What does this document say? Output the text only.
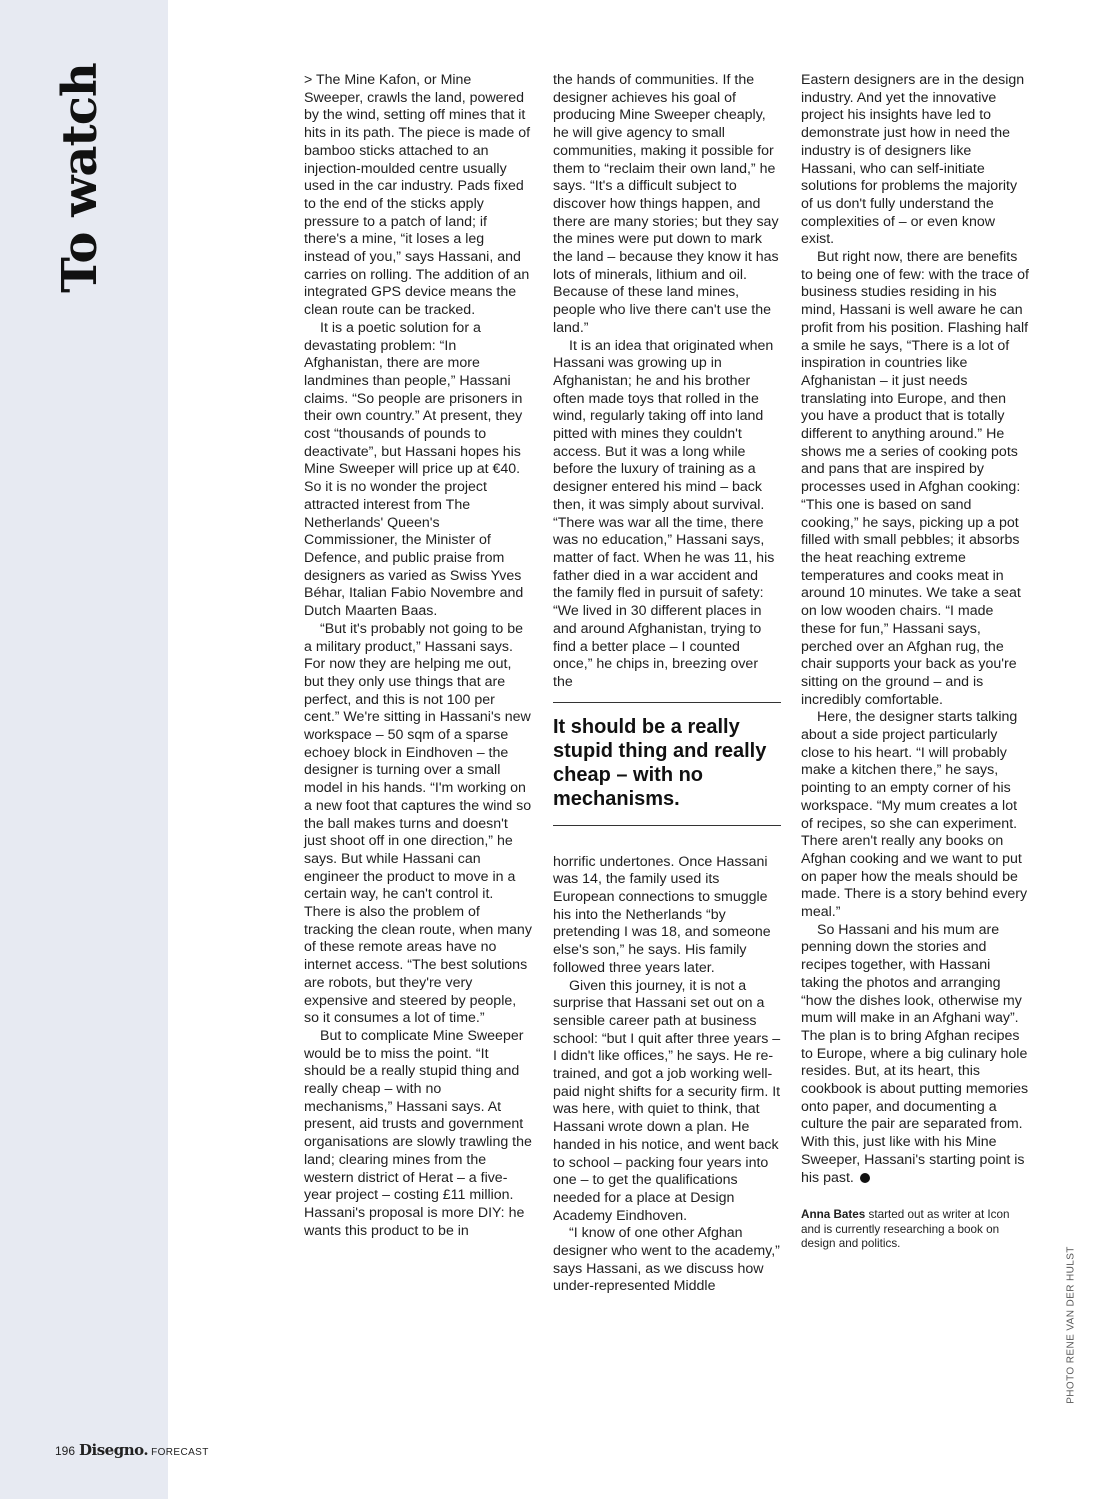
To watch	> The Mine Kafon, or Mine Sweeper, crawls the land, powered by the wind, setting off mines that it hits in its path. The piece is made of bamboo sticks attached to an injection-moulded centre usually used in the car industry. Pads fixed to the end of the sticks apply pressure to a patch of land; if there's a mine, “it loses a leg instead of you,” says Hassani, and carries on rolling. The addition of an integrated GPS device means the clean route can be tracked.

It is a poetic solution for a devastating problem: “In Afghanistan, there are more landmines than people,” Hassani claims. “So people are prisoners in their own country.” At present, they cost “thousands of pounds to deactivate”, but Hassani hopes his Mine Sweeper will price up at €40. So it is no wonder the project attracted interest from The Netherlands' Queen's Commissioner, the Minister of Defence, and public praise from designers as varied as Swiss Yves Béhar, Italian Fabio Novembre and Dutch Maarten Baas.

“But it's probably not going to be a military product,” Hassani says. For now they are helping me out, but they only use things that are perfect, and this is not 100 per cent.” We're sitting in Hassani's new workspace – 50 sqm of a sparse echoey block in Eindhoven – the designer is turning over a small model in his hands. “I'm working on a new foot that captures the wind so the ball makes turns and doesn't just shoot off in one direction,” he says. But while Hassani can engineer the product to move in a certain way, he can't control it. There is also the problem of tracking the clean route, when many of these remote areas have no internet access. “The best solutions are robots, but they're very expensive and steered by people, so it consumes a lot of time.”

But to complicate Mine Sweeper would be to miss the point. “It should be a really stupid thing and really cheap – with no mechanisms,” Hassani says. At present, aid trusts and government organisations are slowly trawling the land; clearing mines from the western district of Herat – a five-year project – costing £11 million. Hassani's proposal is more DIY: he wants this product to be in

the hands of communities. If the designer achieves his goal of producing Mine Sweeper cheaply, he will give agency to small communities, making it possible for them to “reclaim their own land,” he says. “It's a difficult subject to discover how things happen, and there are many stories; but they say the mines were put down to mark the land – because they know it has lots of minerals, lithium and oil. Because of these land mines, people who live there can't use the land.”

It is an idea that originated when Hassani was growing up in Afghanistan; he and his brother often made toys that rolled in the wind, regularly taking off into land pitted with mines they couldn't access. But it was a long while before the luxury of training as a designer entered his mind – back then, it was simply about survival. “There was war all the time, there was no education,” Hassani says, matter of fact. When he was 11, his father died in a war accident and the family fled in pursuit of safety: “We lived in 30 different places in and around Afghanistan, trying to find a better place – I counted once,” he chips in, breezing over the

It should be a really stupid thing and really cheap – with no mechanisms.

horrific undertones. Once Hassani was 14, the family used its European connections to smuggle his into the Netherlands “by pretending I was 18, and someone else's son,” he says. His family followed three years later.

Given this journey, it is not a surprise that Hassani set out on a sensible career path at business school: “but I quit after three years – I didn't like offices,” he says. He re-trained, and got a job working well-paid night shifts for a security firm. It was here, with quiet to think, that Hassani wrote down a plan. He handed in his notice, and went back to school – packing four years into one – to get the qualifications needed for a place at Design Academy Eindhoven.

“I know of one other Afghan designer who went to the academy,” says Hassani, as we discuss how under-represented Middle

Eastern designers are in the design industry. And yet the innovative project his insights have led to demonstrate just how in need the industry is of designers like Hassani, who can self-initiate solutions for problems the majority of us don't fully understand the complexities of – or even know exist.

But right now, there are benefits to being one of few: with the trace of business studies residing in his mind, Hassani is well aware he can profit from his position. Flashing half a smile he says, “There is a lot of inspiration in countries like Afghanistan – it just needs translating into Europe, and then you have a product that is totally different to anything around.” He shows me a series of cooking pots and pans that are inspired by processes used in Afghan cooking: “This one is based on sand cooking,” he says, picking up a pot filled with small pebbles; it absorbs the heat reaching extreme temperatures and cooks meat in around 10 minutes. We take a seat on low wooden chairs. “I made these for fun,” Hassani says, perched over an Afghan rug, the chair supports your back as you're sitting on the ground – and is incredibly comfortable.

Here, the designer starts talking about a side project particularly close to his heart. “I will probably make a kitchen there,” he says, pointing to an empty corner of his workspace. “My mum creates a lot of recipes, so she can experiment. There aren't really any books on Afghan cooking and we want to put on paper how the meals should be made. There is a story behind every meal.”

So Hassani and his mum are penning down the stories and recipes together, with Hassani taking the photos and arranging “how the dishes look, otherwise my mum will make in an Afghani way”. The plan is to bring Afghan recipes to Europe, where a big culinary hole resides. But, at its heart, this cookbook is about putting memories onto paper, and documenting a culture the pair are separated from. With this, just like with his Mine Sweeper, Hassani's starting point is his past.

Anna Bates started out as writer at Icon and is currently researching a book on design and politics.

PHOTO RENE VAN DER HULST
196 Disegno. FORECAST
